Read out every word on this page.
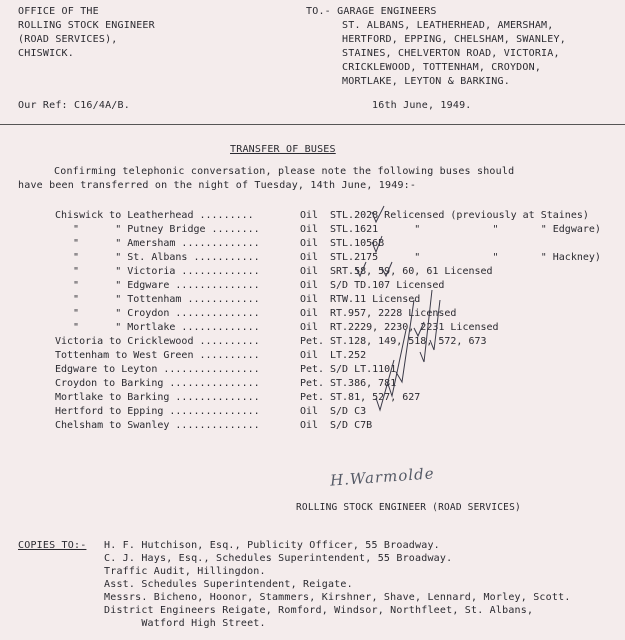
OFFICE OF THE
ROLLING STOCK ENGINEER
(ROAD SERVICES),
CHISWICK.
TO.- GARAGE ENGINEERS
ST. ALBANS, LEATHERHEAD, AMERSHAM,
HERTFORD, EPPING, CHELSHAM, SWANLEY,
STAINES, CHELVERTON ROAD, VICTORIA,
CRICKLEWOOD, TOTTENHAM, CROYDON,
MORTLAKE, LEYTON & BARKING.
Our Ref: C16/4A/B.	16th June, 1949.
TRANSFER OF BUSES
Confirming telephonic conversation, please note the following buses should
have been transferred on the night of Tuesday, 14th June, 1949:-
Chiswick to Leatherhead .........	Oil STL.2028 Relicensed (previously at Staines)
"      " Putney Bridge ........	Oil STL.1621      "            "       " Edgware)
"      " Amersham .............	Oil STL.1056B
"      " St. Albans ...........	Oil STL.2175      "            "       " Hackney)
"      " Victoria .............	Oil SRT.58, 59, 60, 61 Licensed
"      " Edgware ..............	Oil S/D TD.107 Licensed
"      " Tottenham ............	Oil RTW.11 Licensed
"      " Croydon ..............	Oil RT.957, 2228 Licensed
"      " Mortlake .............	Oil RT.2229, 2230, 2231 Licensed
Victoria to Cricklewood ..........	Pet. ST.128, 149, 518, 572, 673
Tottenham to West Green ..........	Oil LT.252
Edgware to Leyton ................	Pet. S/D LT.1101
Croydon to Barking ...............	Pet. ST.386, 781
Mortlake to Barking ..............	Pet. ST.81, 527, 627
Hertford to Epping ...............	Oil S/D C3
Chelsham to Swanley ..............	Oil S/D C7B
H.Warmolde
ROLLING STOCK ENGINEER (ROAD SERVICES)
COPIES TO:- H. F. Hutchison, Esq., Publicity Officer, 55 Broadway.
C. J. Hays, Esq., Schedules Superintendent, 55 Broadway.
Traffic Audit, Hillingdon.
Asst. Schedules Superintendent, Reigate.
Messrs. Bicheno, Hoonor, Stammers, Kirshner, Shave, Lennard, Morley, Scott.
District Engineers Reigate, Romford, Windsor, Northfleet, St. Albans,
Watford High Street.
